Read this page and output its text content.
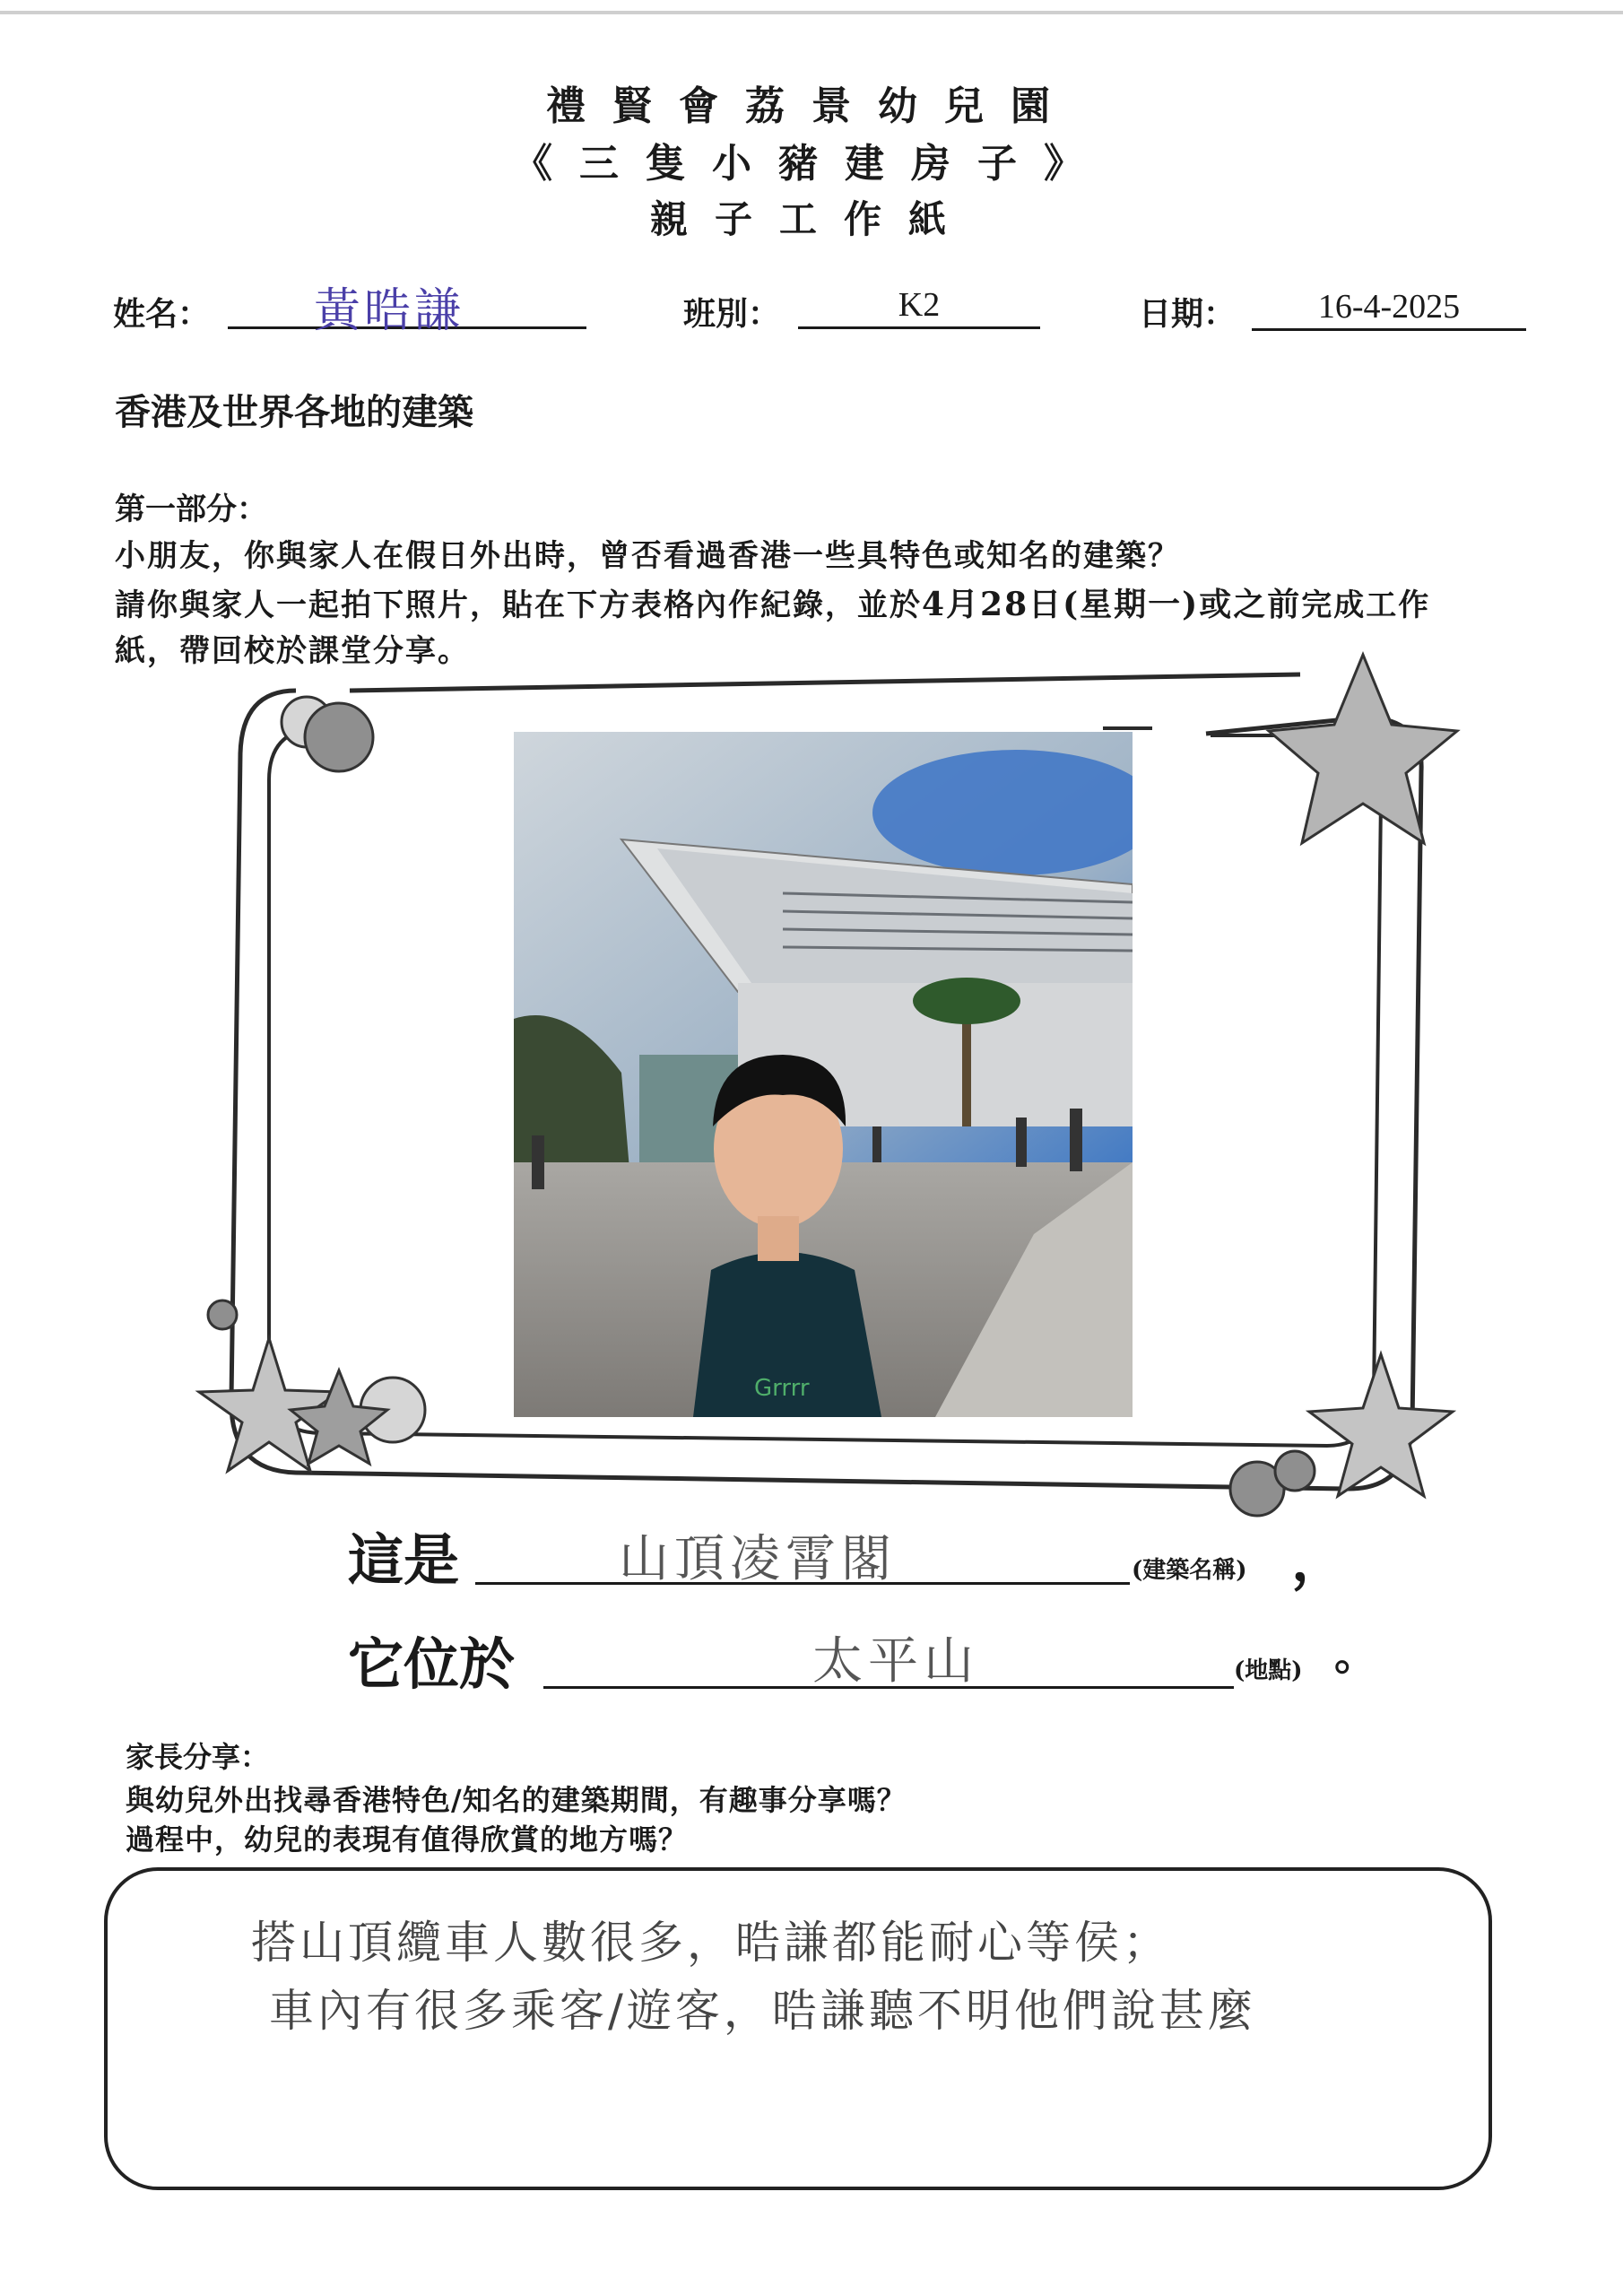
禮賢會荔景幼兒園
《三隻小豬建房子》
親子工作紙
姓名： 黃晧謙	班別：	K2	日期：	16-4-2025
香港及世界各地的建築
第一部分：
小朋友，你與家人在假日外出時，曾否看過香港一些具特色或知名的建築？
請你與家人一起拍下照片，貼在下方表格內作紀錄，並於4月28日(星期一)或之前完成工作
紙，帶回校於課堂分享。
Grrrr
這是	山頂凌霄閣	(建築名稱) ，
它位於	太平山	(地點) 。
家長分享：
與幼兒外出找尋香港特色/知名的建築期間，有趣事分享嗎？
過程中，幼兒的表現有值得欣賞的地方嗎？
搭山頂纜車人數很多，晧謙都能耐心等侯；
車內有很多乘客/遊客，晧謙聽不明他們說甚麼
